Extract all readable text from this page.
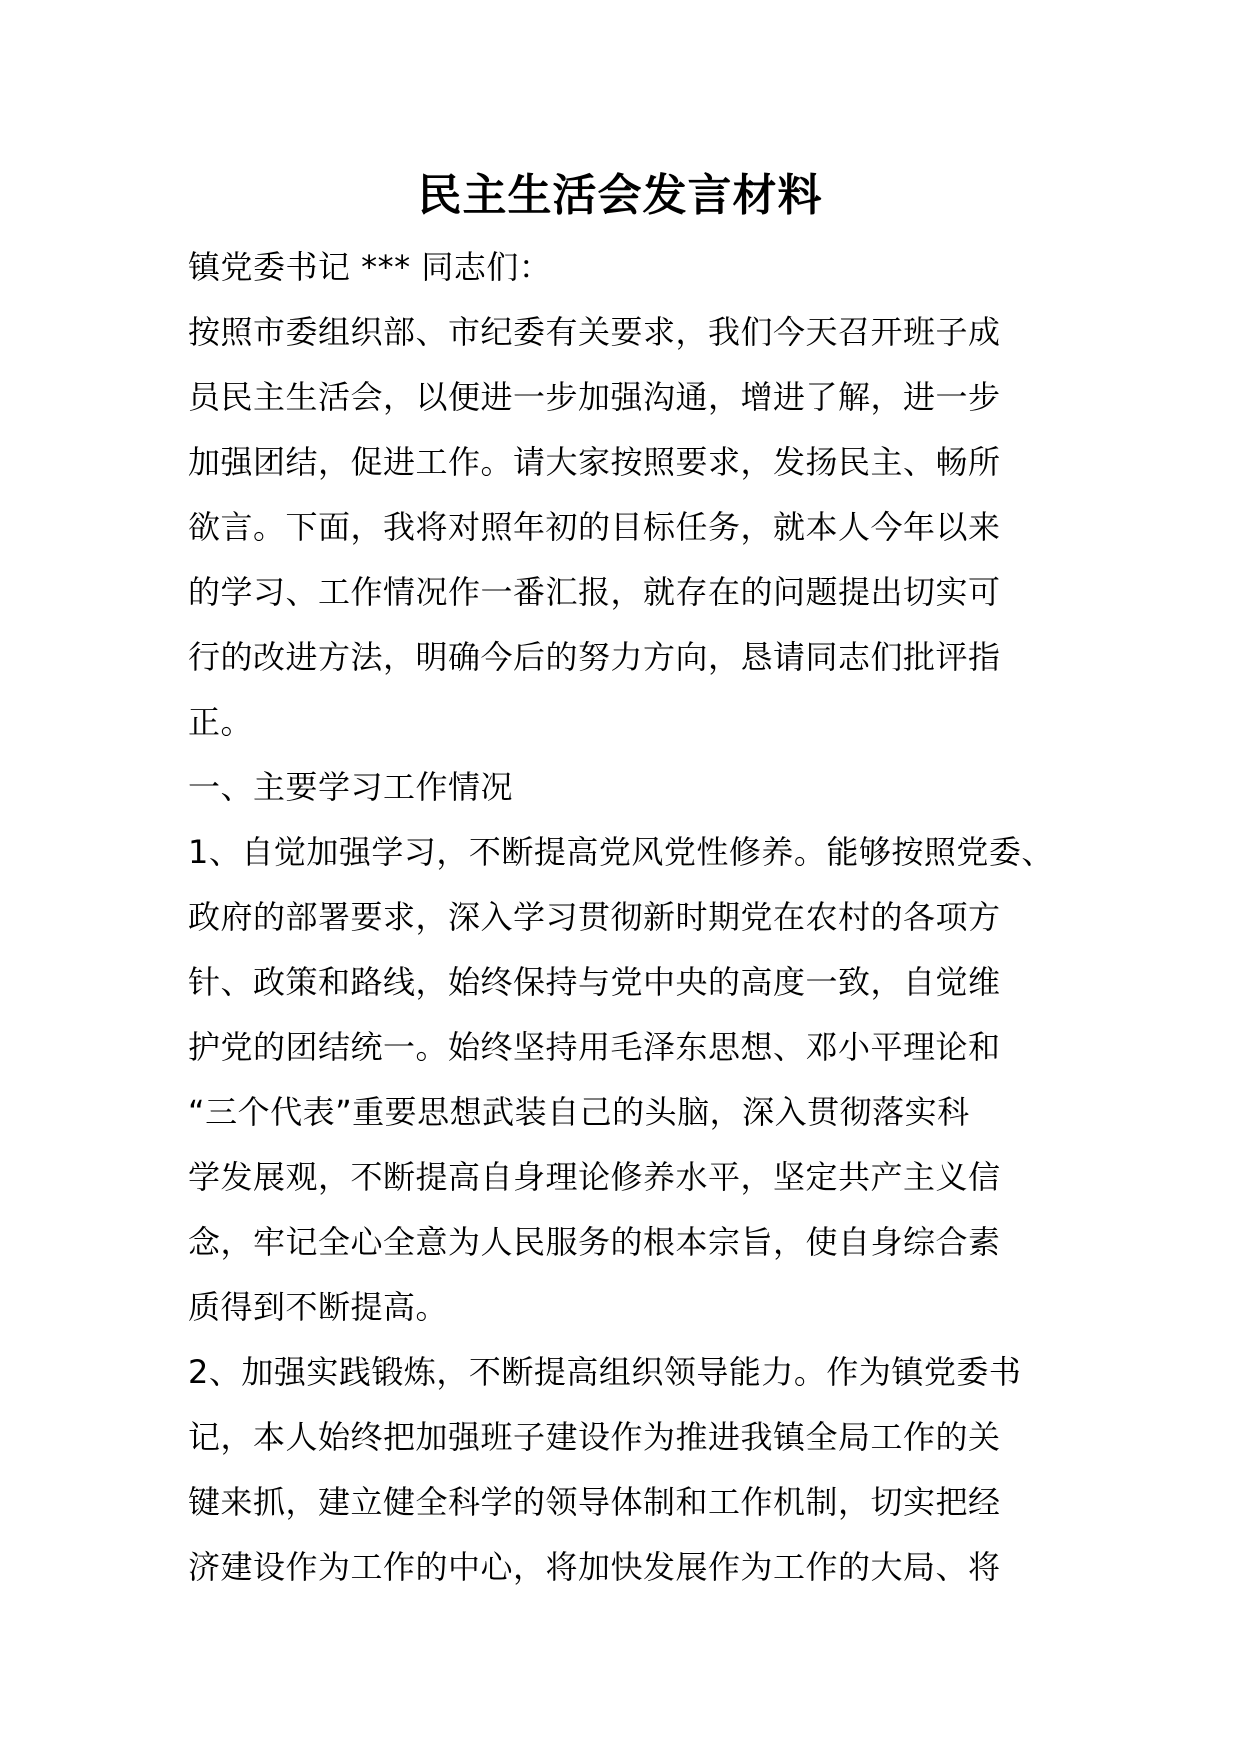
民主生活会发言材料
镇党委书记 *** 同志们：
按照市委组织部、市纪委有关要求，我们今天召开班子成
员民主生活会，以便进一步加强沟通，增进了解，进一步
加强团结，促进工作。请大家按照要求，发扬民主、畅所
欲言。下面，我将对照年初的目标任务，就本人今年以来
的学习、工作情况作一番汇报，就存在的问题提出切实可
行的改进方法，明确今后的努力方向，恳请同志们批评指
正。
一、主要学习工作情况
1、自觉加强学习，不断提高党风党性修养。能够按照党委、
政府的部署要求，深入学习贯彻新时期党在农村的各项方
针、政策和路线，始终保持与党中央的高度一致，自觉维
护党的团结统一。始终坚持用毛泽东思想、邓小平理论和
“三个代表”重要思想武装自己的头脑，深入贯彻落实科
学发展观，不断提高自身理论修养水平，坚定共产主义信
念，牢记全心全意为人民服务的根本宗旨，使自身综合素
质得到不断提高。
2、加强实践锻炼，不断提高组织领导能力。作为镇党委书
记，本人始终把加强班子建设作为推进我镇全局工作的关
键来抓，建立健全科学的领导体制和工作机制，切实把经
济建设作为工作的中心，将加快发展作为工作的大局、将
